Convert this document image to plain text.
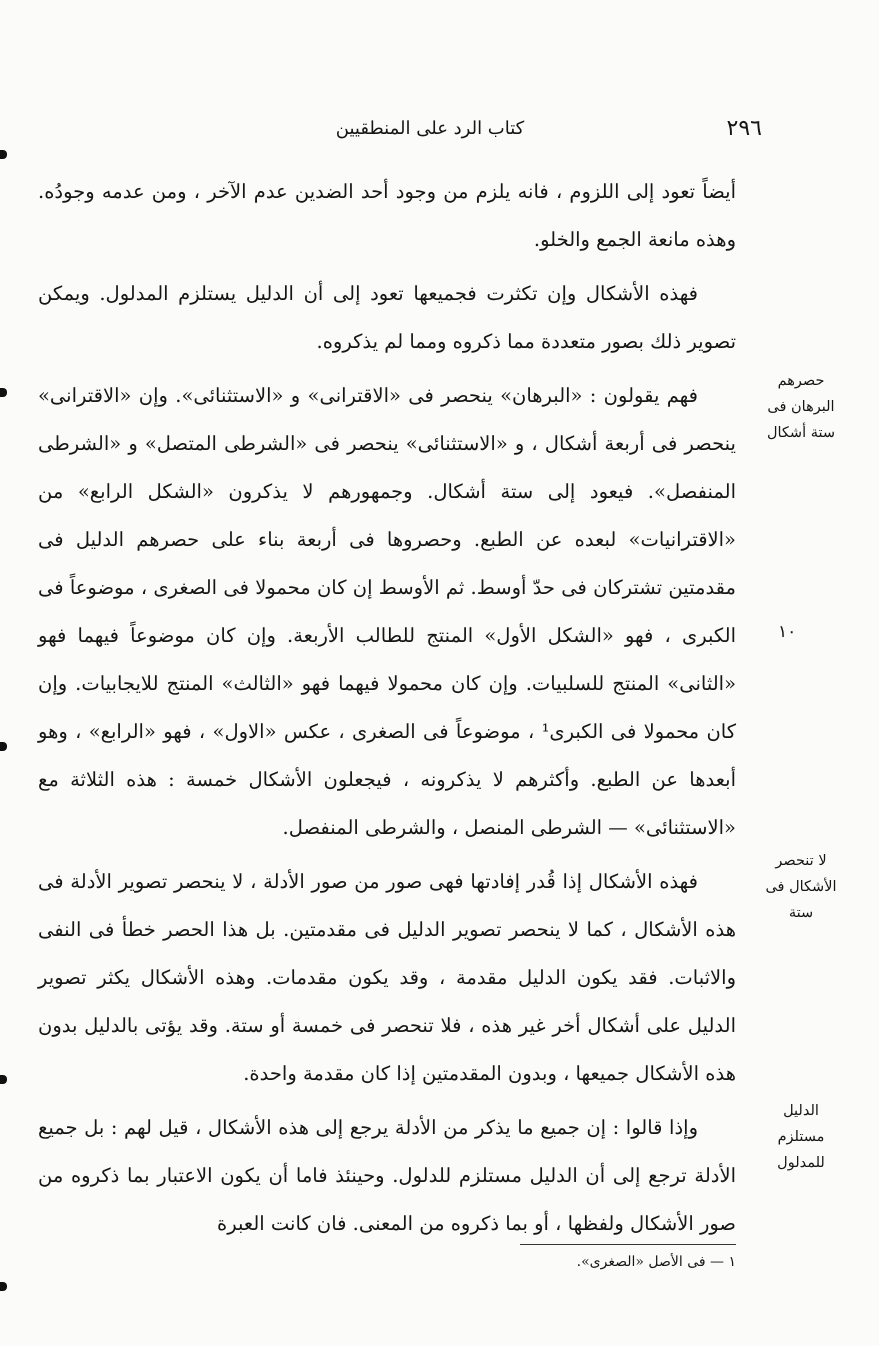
٢٩٦
كتاب الرد على المنطقيين
حصرهم البرهان فى ستة أشكال
لا تنحصر الأشكال فى ستة
الدليل مستلزم للمدلول
١٠

أيضاً تعود إلى اللزوم ، فانه يلزم من وجود أحد الضدين عدم الآخر ، ومن عدمه وجودُه. وهذه مانعة الجمع والخلو.

فهذه الأشكال وإن تكثرت فجميعها تعود إلى أن الدليل يستلزم المدلول. ويمكن تصوير ذلك بصور متعددة مما ذكروه ومما لم يذكروه.

فهم يقولون : «البرهان» ينحصر فى «الاقترانى» و «الاستثنائى». وإن «الاقترانى» ينحصر فى أربعة أشكال ، و «الاستثنائى» ينحصر فى «الشرطى المتصل» و «الشرطى المنفصل». فيعود إلى ستة أشكال. وجمهورهم لا يذكرون «الشكل الرابع» من «الاقترانيات» لبعده عن الطبع. وحصروها فى أربعة بناء على حصرهم الدليل فى مقدمتين تشتركان فى حدّ أوسط. ثم الأوسط إن كان محمولا فى الصغرى ، موضوعاً فى الكبرى ، فهو «الشكل الأول» المنتج للطالب الأربعة. وإن كان موضوعاً فيهما فهو «الثانى» المنتج للسلبيات. وإن كان محمولا فيهما فهو «الثالث» المنتج للايجابيات. وإن كان محمولا فى الكبرى¹ ، موضوعاً فى الصغرى ، عكس «الاول» ، فهو «الرابع» ، وهو أبعدها عن الطبع. وأكثرهم لا يذكرونه ، فيجعلون الأشكال خمسة : هذه الثلاثة مع «الاستثنائى» — الشرطى المنصل ، والشرطى المنفصل.

فهذه الأشكال إذا قُدر إفادتها فهى صور من صور الأدلة ، لا ينحصر تصوير الأدلة فى هذه الأشكال ، كما لا ينحصر تصوير الدليل فى مقدمتين. بل هذا الحصر خطأ فى النفى والاثبات. فقد يكون الدليل مقدمة ، وقد يكون مقدمات. وهذه الأشكال يكثر تصوير الدليل على أشكال أخر غير هذه ، فلا تنحصر فى خمسة أو ستة. وقد يؤتى بالدليل بدون هذه الأشكال جميعها ، وبدون المقدمتين إذا كان مقدمة واحدة.

وإذا قالوا : إن جميع ما يذكر من الأدلة يرجع إلى هذه الأشكال ، قيل لهم : بل جميع الأدلة ترجع إلى أن الدليل مستلزم للدلول. وحينئذ فاما أن يكون الاعتبار بما ذكروه من صور الأشكال ولفظها ، أو بما ذكروه من المعنى. فان كانت العبرة

١ — فى الأصل «الصغرى».
